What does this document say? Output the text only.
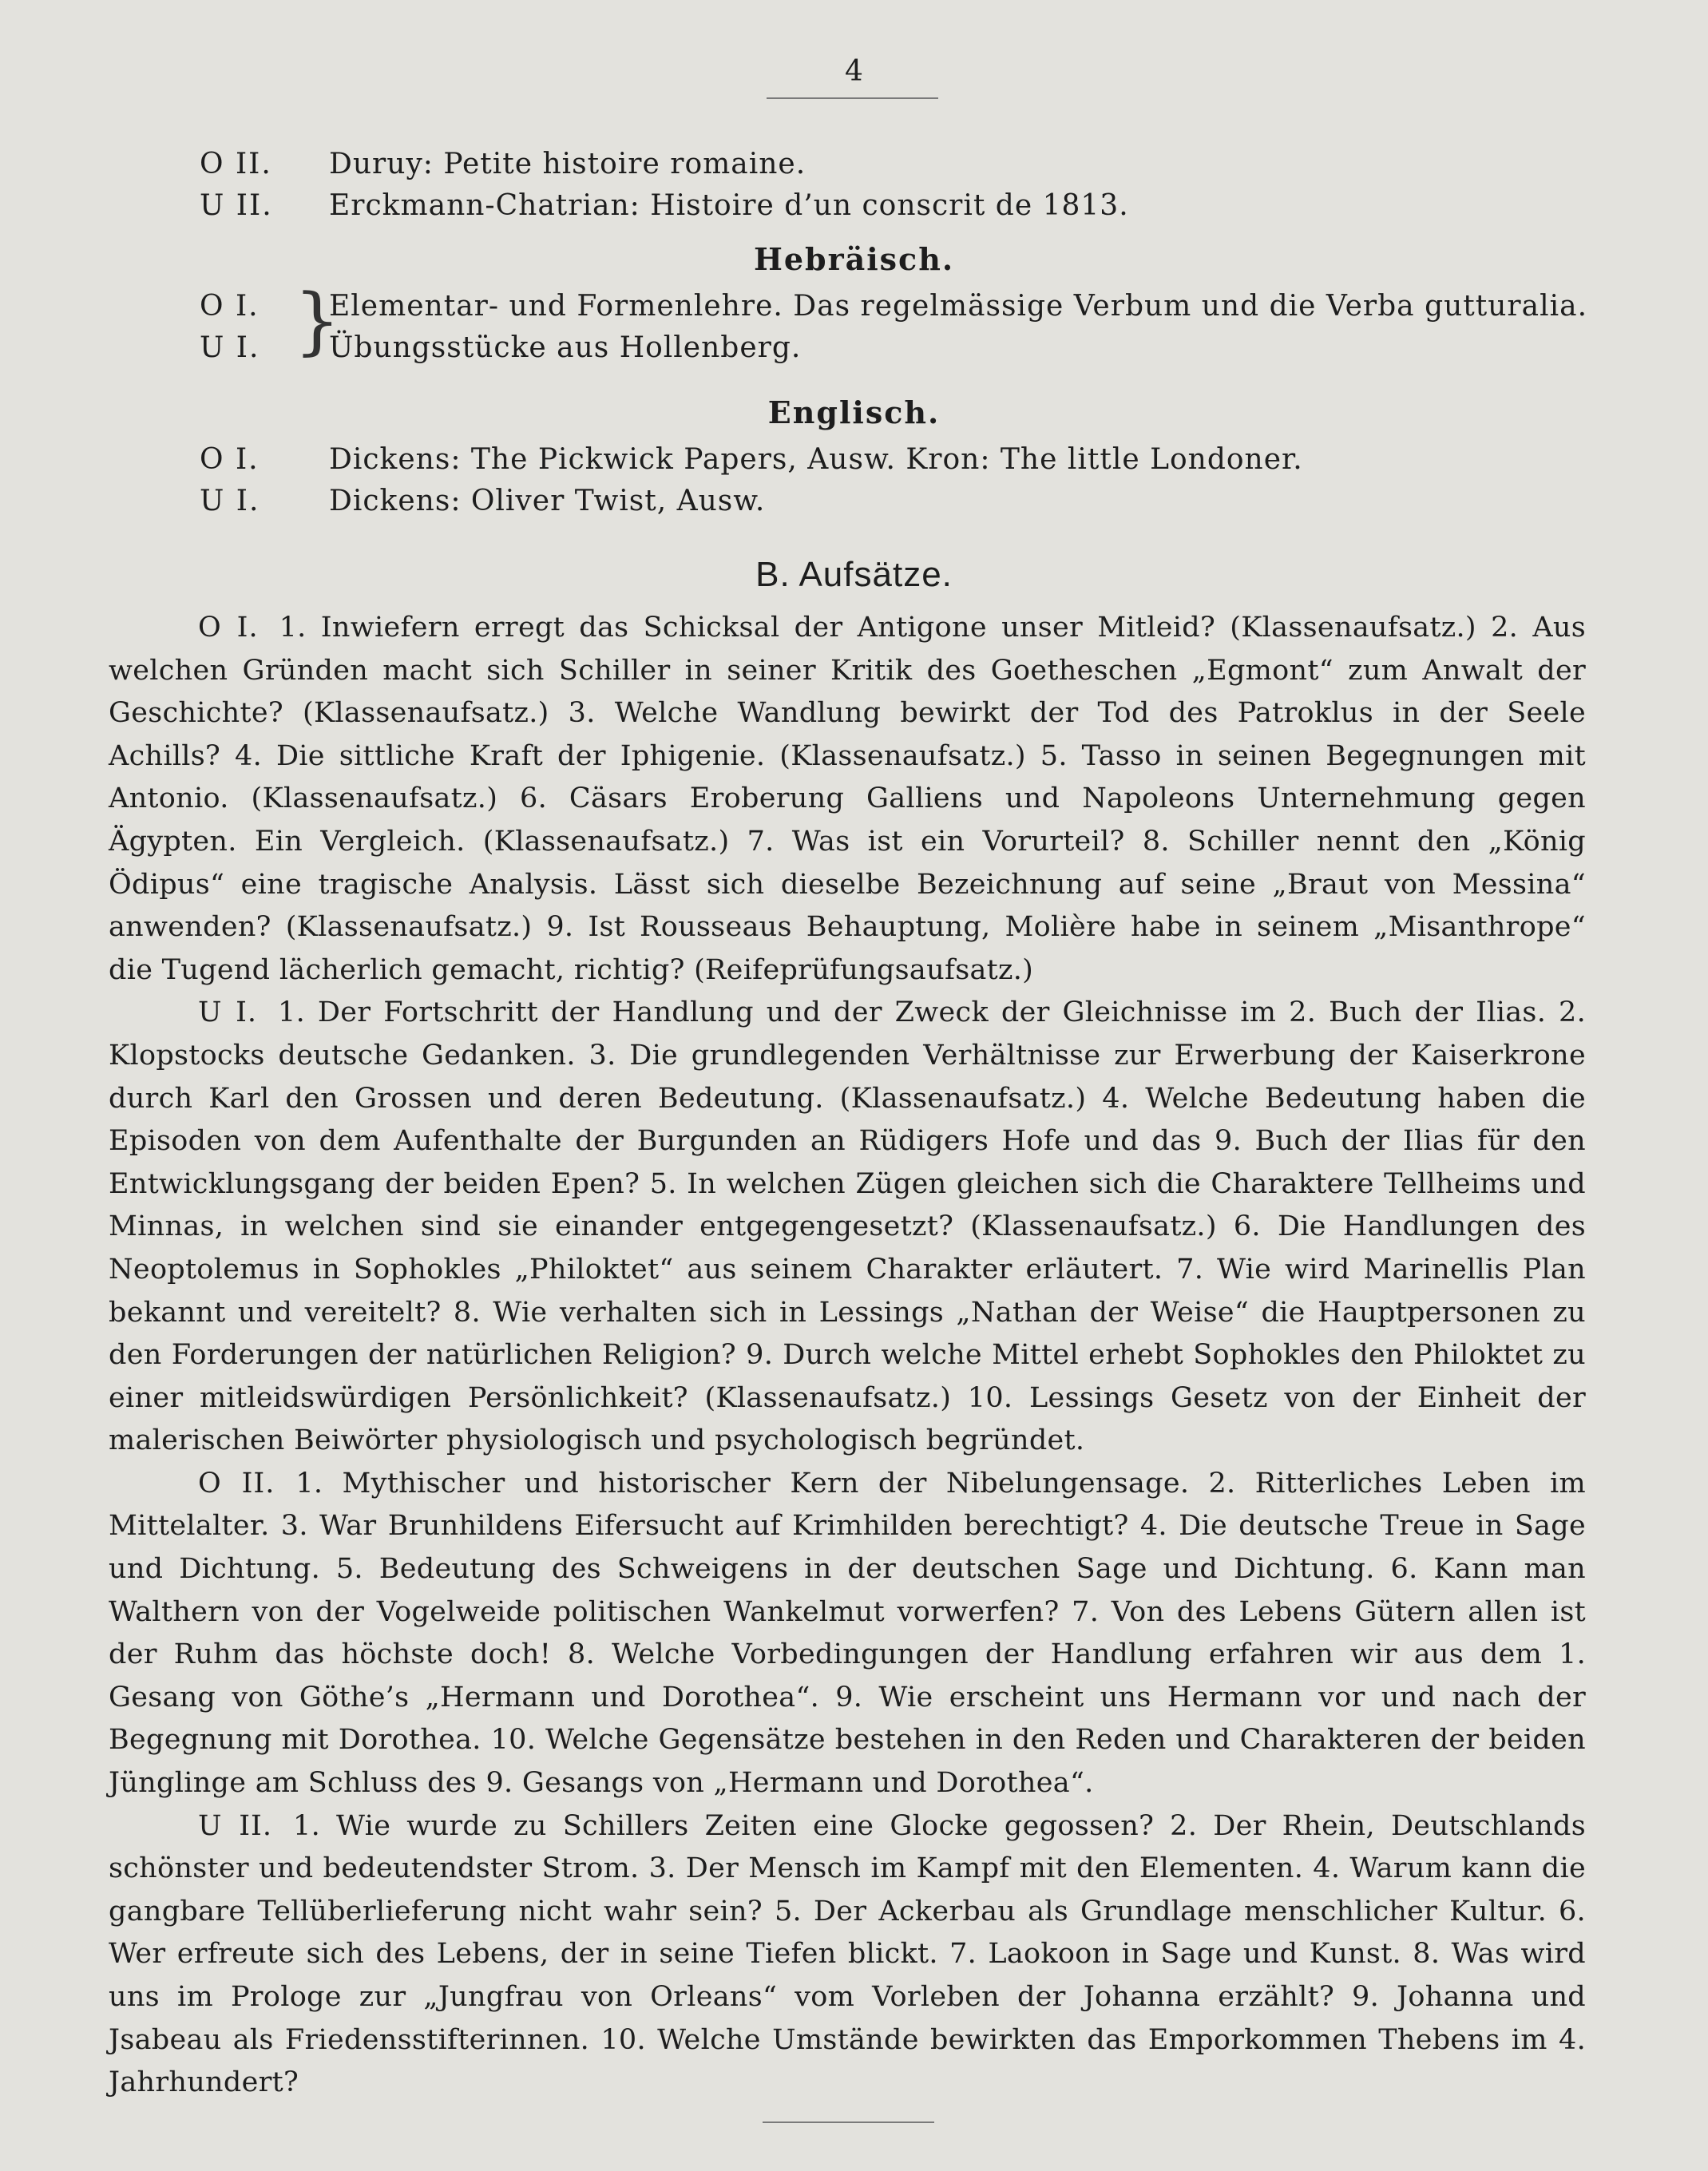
4
O II. Duruy: Petite histoire romaine.
U II. Erckmann-Chatrian: Histoire d’un conscrit de 1813.
Hebräisch.
O I. Elementar- und Formenlehre. Das regelmässige Verbum und die Verba gutturalia.
U I. Übungsstücke aus Hollenberg.
}
Englisch.
O I. Dickens: The Pickwick Papers, Ausw. Kron: The little Londoner.
U I. Dickens: Oliver Twist, Ausw.
B. Aufsätze.

O I. 1. Inwiefern erregt das Schicksal der Antigone unser Mitleid? (Klassenaufsatz.) 2. Aus welchen Gründen macht sich Schiller in seiner Kritik des Goetheschen „Egmont“ zum Anwalt der Geschichte? (Klassenaufsatz.) 3. Welche Wandlung bewirkt der Tod des Patroklus in der Seele Achills? 4. Die sittliche Kraft der Iphigenie. (Klassenaufsatz.) 5. Tasso in seinen Begegnungen mit Antonio. (Klassenaufsatz.) 6. Cäsars Eroberung Galliens und Napoleons Unternehmung gegen Ägypten. Ein Vergleich. (Klassenaufsatz.) 7. Was ist ein Vorurteil? 8. Schiller nennt den „König Ödipus“ eine tragische Analysis. Lässt sich dieselbe Bezeichnung auf seine „Braut von Messina“ anwenden? (Klassenaufsatz.) 9. Ist Rousseaus Behauptung, Molière habe in seinem „Misanthrope“ die Tugend lächerlich gemacht, richtig? (Reifeprüfungsaufsatz.)

U I. 1. Der Fortschritt der Handlung und der Zweck der Gleichnisse im 2. Buch der Ilias. 2. Klopstocks deutsche Gedanken. 3. Die grundlegenden Verhältnisse zur Erwerbung der Kaiserkrone durch Karl den Grossen und deren Bedeutung. (Klassenaufsatz.) 4. Welche Bedeutung haben die Episoden von dem Aufenthalte der Burgunden an Rüdigers Hofe und das 9. Buch der Ilias für den Entwicklungsgang der beiden Epen? 5. In welchen Zügen gleichen sich die Charaktere Tellheims und Minnas, in welchen sind sie einander entgegengesetzt? (Klassenaufsatz.) 6. Die Handlungen des Neoptolemus in Sophokles „Philoktet“ aus seinem Charakter erläutert. 7. Wie wird Marinellis Plan bekannt und vereitelt? 8. Wie verhalten sich in Lessings „Nathan der Weise“ die Hauptpersonen zu den Forderungen der natürlichen Religion? 9. Durch welche Mittel erhebt Sophokles den Philoktet zu einer mitleidswürdigen Persönlichkeit? (Klassenaufsatz.) 10. Lessings Gesetz von der Einheit der malerischen Beiwörter physiologisch und psychologisch begründet.

O II. 1. Mythischer und historischer Kern der Nibelungensage. 2. Ritterliches Leben im Mittelalter. 3. War Brunhildens Eifersucht auf Krimhilden berechtigt? 4. Die deutsche Treue in Sage und Dichtung. 5. Bedeutung des Schweigens in der deutschen Sage und Dichtung. 6. Kann man Walthern von der Vogelweide politischen Wankelmut vorwerfen? 7. Von des Lebens Gütern allen ist der Ruhm das höchste doch! 8. Welche Vorbedingungen der Handlung erfahren wir aus dem 1. Gesang von Göthe’s „Hermann und Dorothea“. 9. Wie erscheint uns Hermann vor und nach der Begegnung mit Dorothea. 10. Welche Gegensätze bestehen in den Reden und Charakteren der beiden Jünglinge am Schluss des 9. Gesangs von „Hermann und Dorothea“.

U II. 1. Wie wurde zu Schillers Zeiten eine Glocke gegossen? 2. Der Rhein, Deutschlands schönster und bedeutendster Strom. 3. Der Mensch im Kampf mit den Elementen. 4. Warum kann die gangbare Tellüberlieferung nicht wahr sein? 5. Der Ackerbau als Grundlage menschlicher Kultur. 6. Wer erfreute sich des Lebens, der in seine Tiefen blickt. 7. Laokoon in Sage und Kunst. 8. Was wird uns im Prologe zur „Jungfrau von Orleans“ vom Vorleben der Johanna erzählt? 9. Johanna und Jsabeau als Friedensstifterinnen. 10. Welche Umstände bewirkten das Emporkommen Thebens im 4. Jahrhundert?
